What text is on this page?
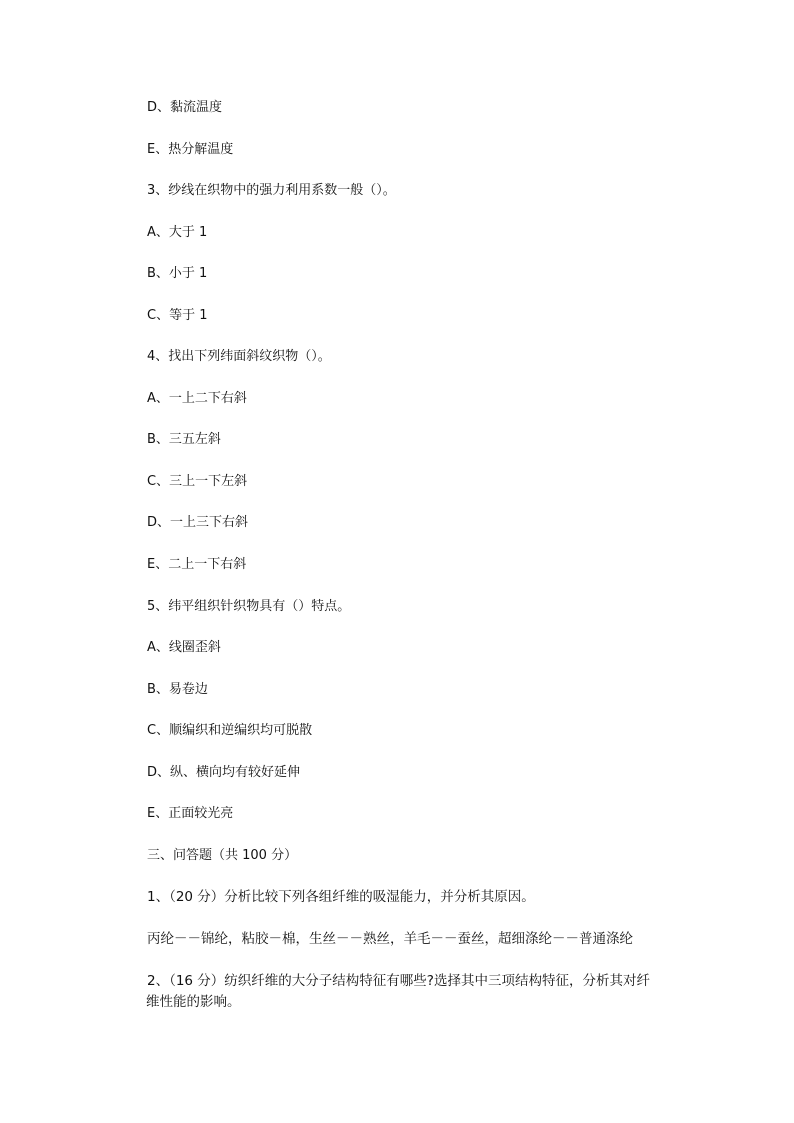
D、黏流温度
E、热分解温度
3、纱线在织物中的强力利用系数一般（）。
A、大于 1
B、小于 1
C、等于 1
4、找出下列纬面斜纹织物（）。
A、一上二下右斜
B、三五左斜
C、三上一下左斜
D、一上三下右斜
E、二上一下右斜
5、纬平组织针织物具有（）特点。
A、线圈歪斜
B、易卷边
C、顺编织和逆编织均可脱散
D、纵、横向均有较好延伸
E、正面较光亮
三、问答题（共 100 分）
1、（20 分）分析比较下列各组纤维的吸湿能力，并分析其原因。
丙纶－－锦纶，粘胶－棉，生丝－－熟丝，羊毛－－蚕丝，超细涤纶－－普通涤纶
2、（16 分）纺织纤维的大分子结构特征有哪些?选择其中三项结构特征，分析其对纤
维性能的影响。
